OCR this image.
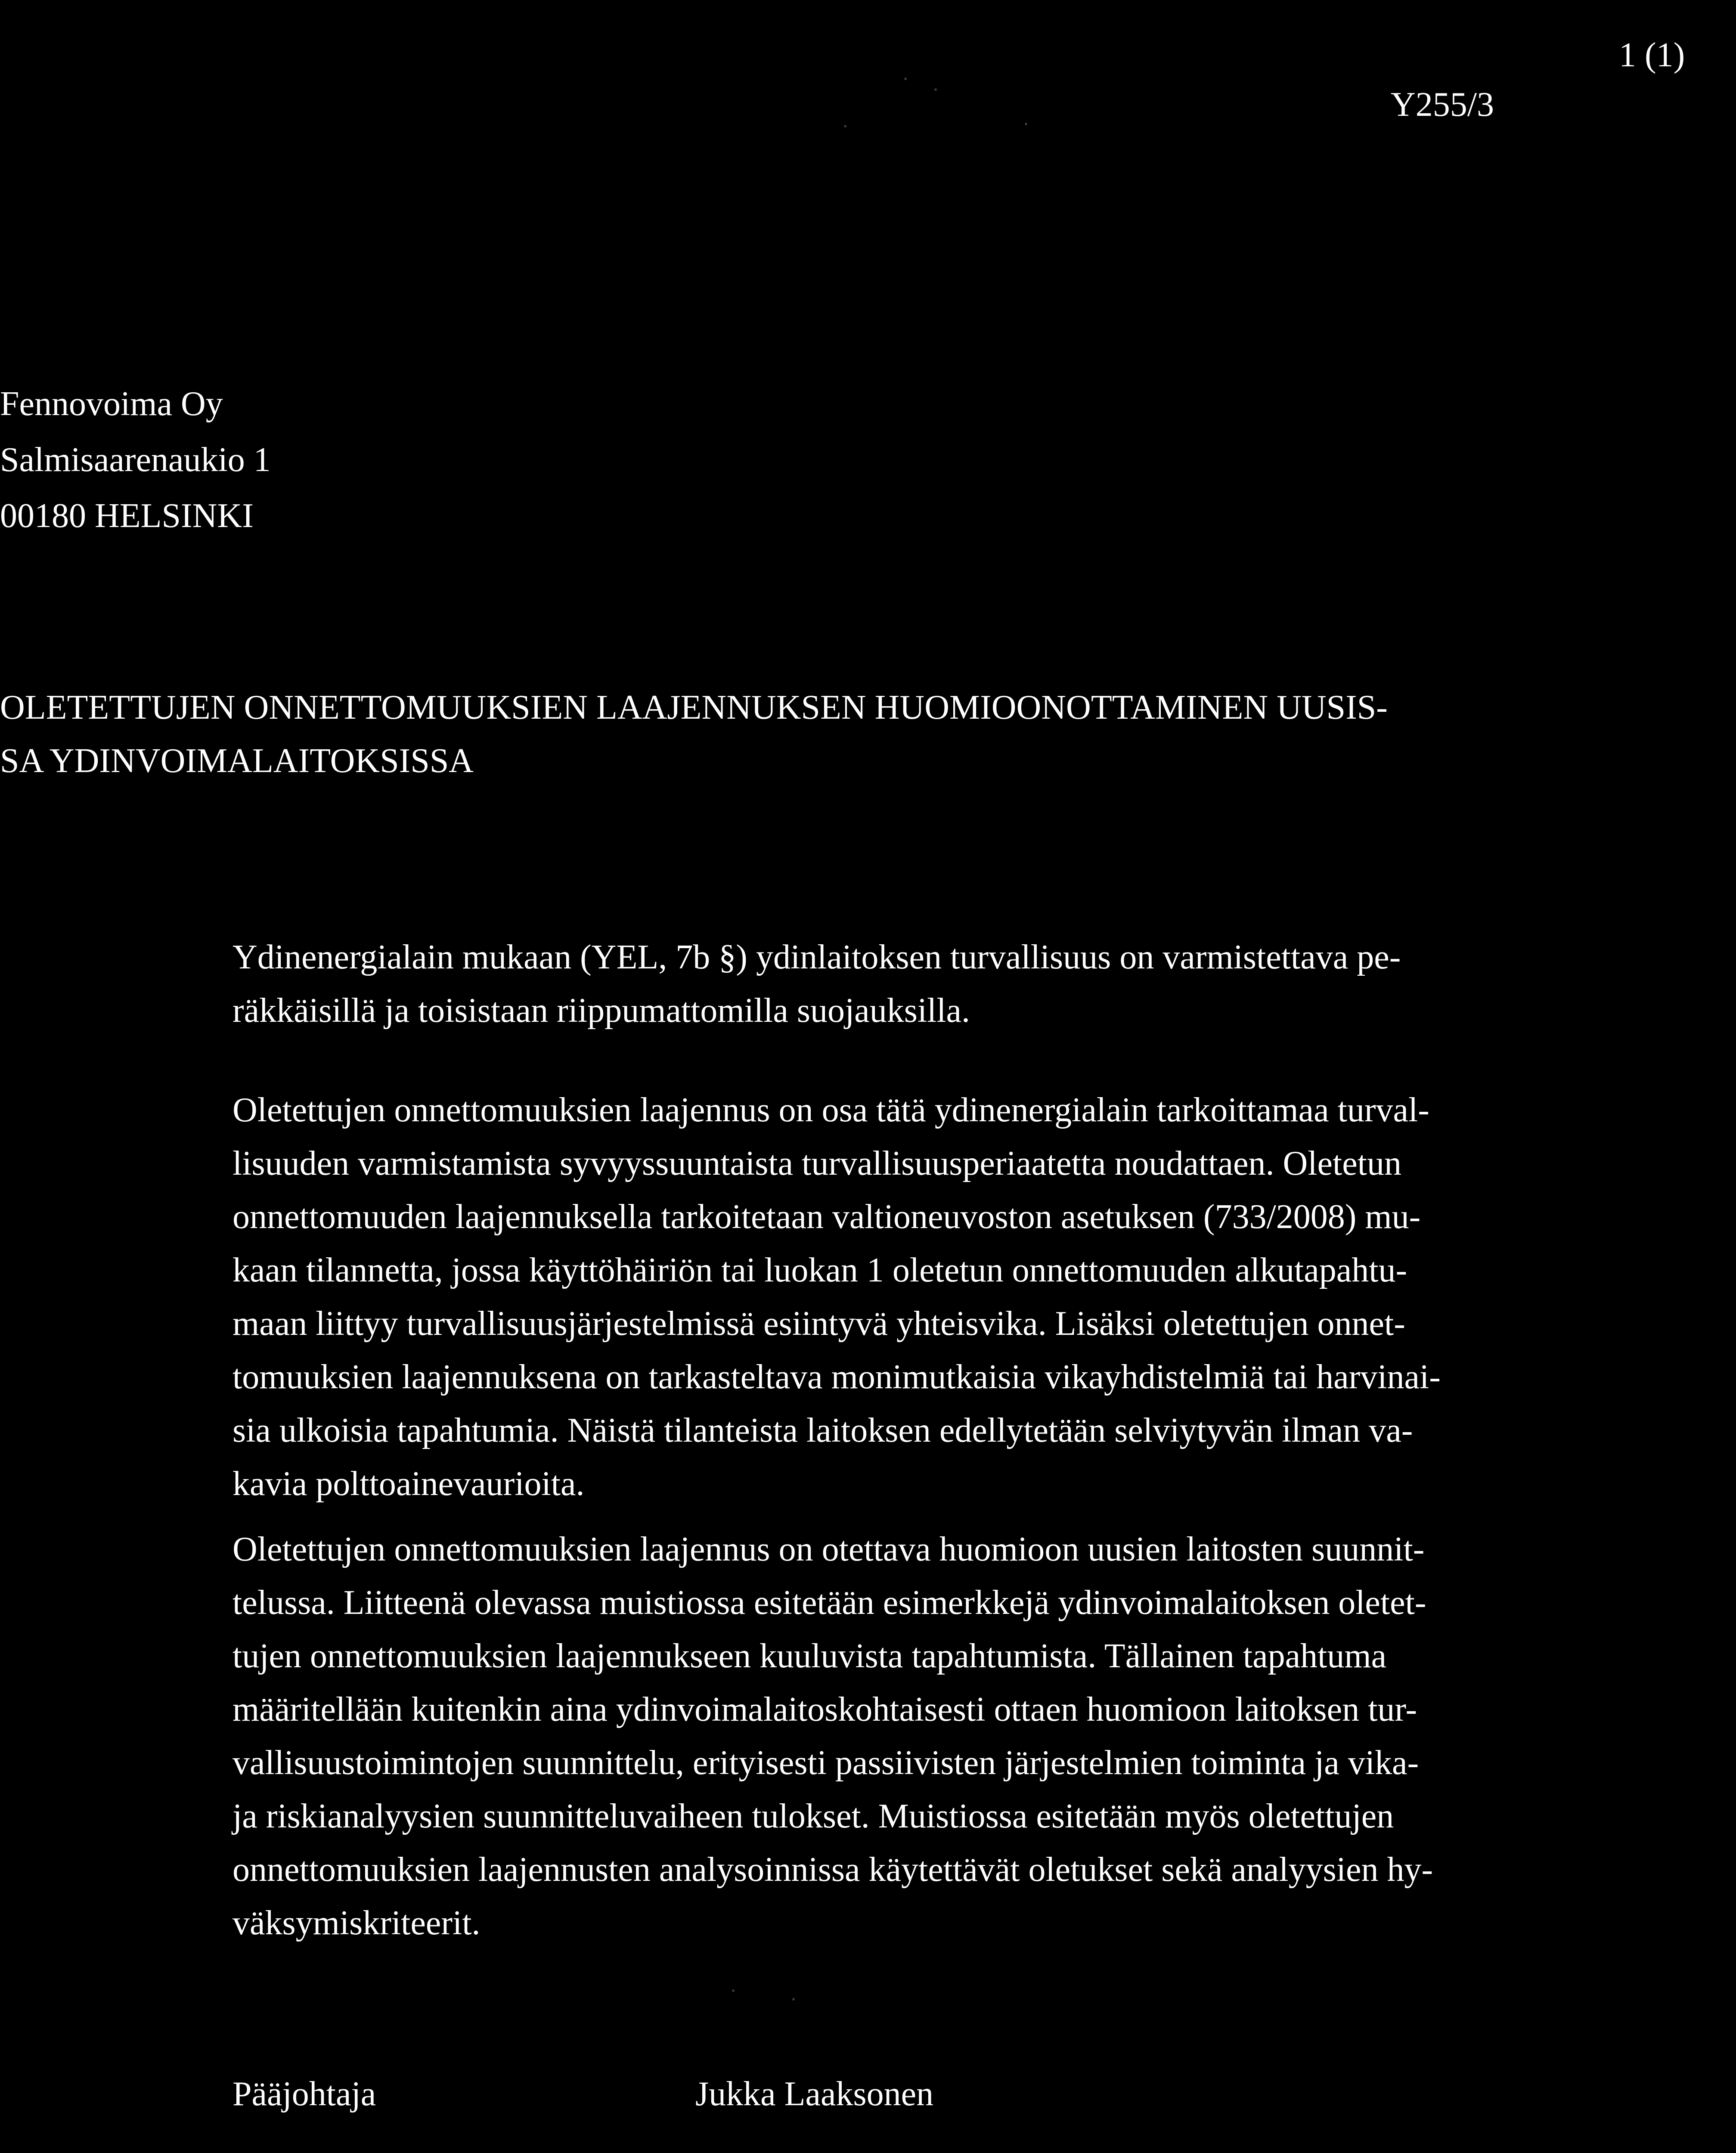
1 (1)
Y255/3
Fennovoima Oy
Salmisaarenaukio 1
00180 HELSINKI
OLETETTUJEN ONNETTOMUUKSIEN LAAJENNUKSEN HUOMIOONOTTAMINEN UUSIS-
SA YDINVOIMALAITOKSISSA
Ydinenergialain mukaan (YEL, 7b §) ydinlaitoksen turvallisuus on varmistettava pe-
räkkäisillä ja toisistaan riippumattomilla suojauksilla.
Oletettujen onnettomuuksien laajennus on osa tätä ydinenergialain tarkoittamaa turval-
lisuuden varmistamista syvyyssuuntaista turvallisuusperiaatetta noudattaen. Oletetun
onnettomuuden laajennuksella tarkoitetaan valtioneuvoston asetuksen (733/2008) mu-
kaan tilannetta, jossa käyttöhäiriön tai luokan 1 oletetun onnettomuuden alkutapahtu-
maan liittyy turvallisuusjärjestelmissä esiintyvä yhteisvika. Lisäksi oletettujen onnet-
tomuuksien laajennuksena on tarkasteltava monimutkaisia vikayhdistelmiä tai harvinai-
sia ulkoisia tapahtumia. Näistä tilanteista laitoksen edellytetään selviytyvän ilman va-
kavia polttoainevaurioita.
Oletettujen onnettomuuksien laajennus on otettava huomioon uusien laitosten suunnit-
telussa. Liitteenä olevassa muistiossa esitetään esimerkkejä ydinvoimalaitoksen oletet-
tujen onnettomuuksien laajennukseen kuuluvista tapahtumista. Tällainen tapahtuma
määritellään kuitenkin aina ydinvoimalaitoskohtaisesti ottaen huomioon laitoksen tur-
vallisuustoimintojen suunnittelu, erityisesti passiivisten järjestelmien toiminta ja vika-
ja riskianalyysien suunnitteluvaiheen tulokset. Muistiossa esitetään myös oletettujen
onnettomuuksien laajennusten analysoinnissa käytettävät oletukset sekä analyysien hy-
väksymiskriteerit.
Pääjohtaja	Jukka Laaksonen
